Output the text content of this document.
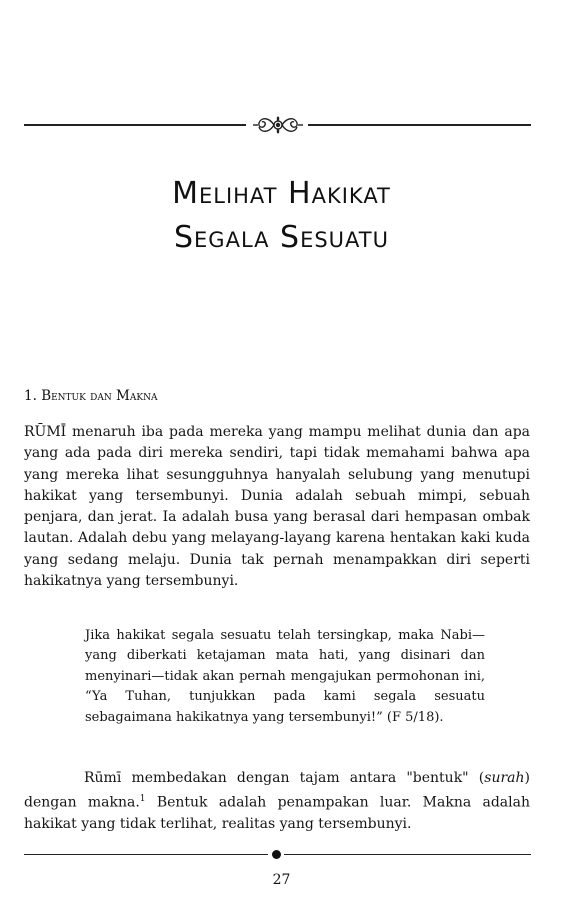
Melihat Hakikat
Segala Sesuatu
1. Bentuk dan Makna

RŪMĪ menaruh iba pada mereka yang mampu melihat dunia dan apa yang ada pada diri mereka sendiri, tapi tidak memahami bahwa apa yang mereka lihat sesungguhnya hanyalah selubung yang menutupi hakikat yang tersembunyi. Dunia adalah sebuah mimpi, sebuah penjara, dan jerat. Ia adalah busa yang berasal dari hempasan ombak lautan. Adalah debu yang melayang-layang karena hentakan kaki kuda yang sedang melaju. Dunia tak pernah menampakkan diri seperti hakikatnya yang tersembunyi.

Jika hakikat segala sesuatu telah tersingkap, maka Nabi—yang diberkati ketajaman mata hati, yang disinari dan menyinari—tidak akan pernah mengajukan permohonan ini, “Ya Tuhan, tunjukkan pada kami segala sesuatu sebagaimana hakikatnya yang tersembunyi!” (F 5/18).
Rūmī membedakan dengan tajam antara "bentuk" (surah) dengan makna.$^1$ Bentuk adalah penampakan luar. Makna adalah hakikat yang tidak terlihat, realitas yang tersembunyi.
27
